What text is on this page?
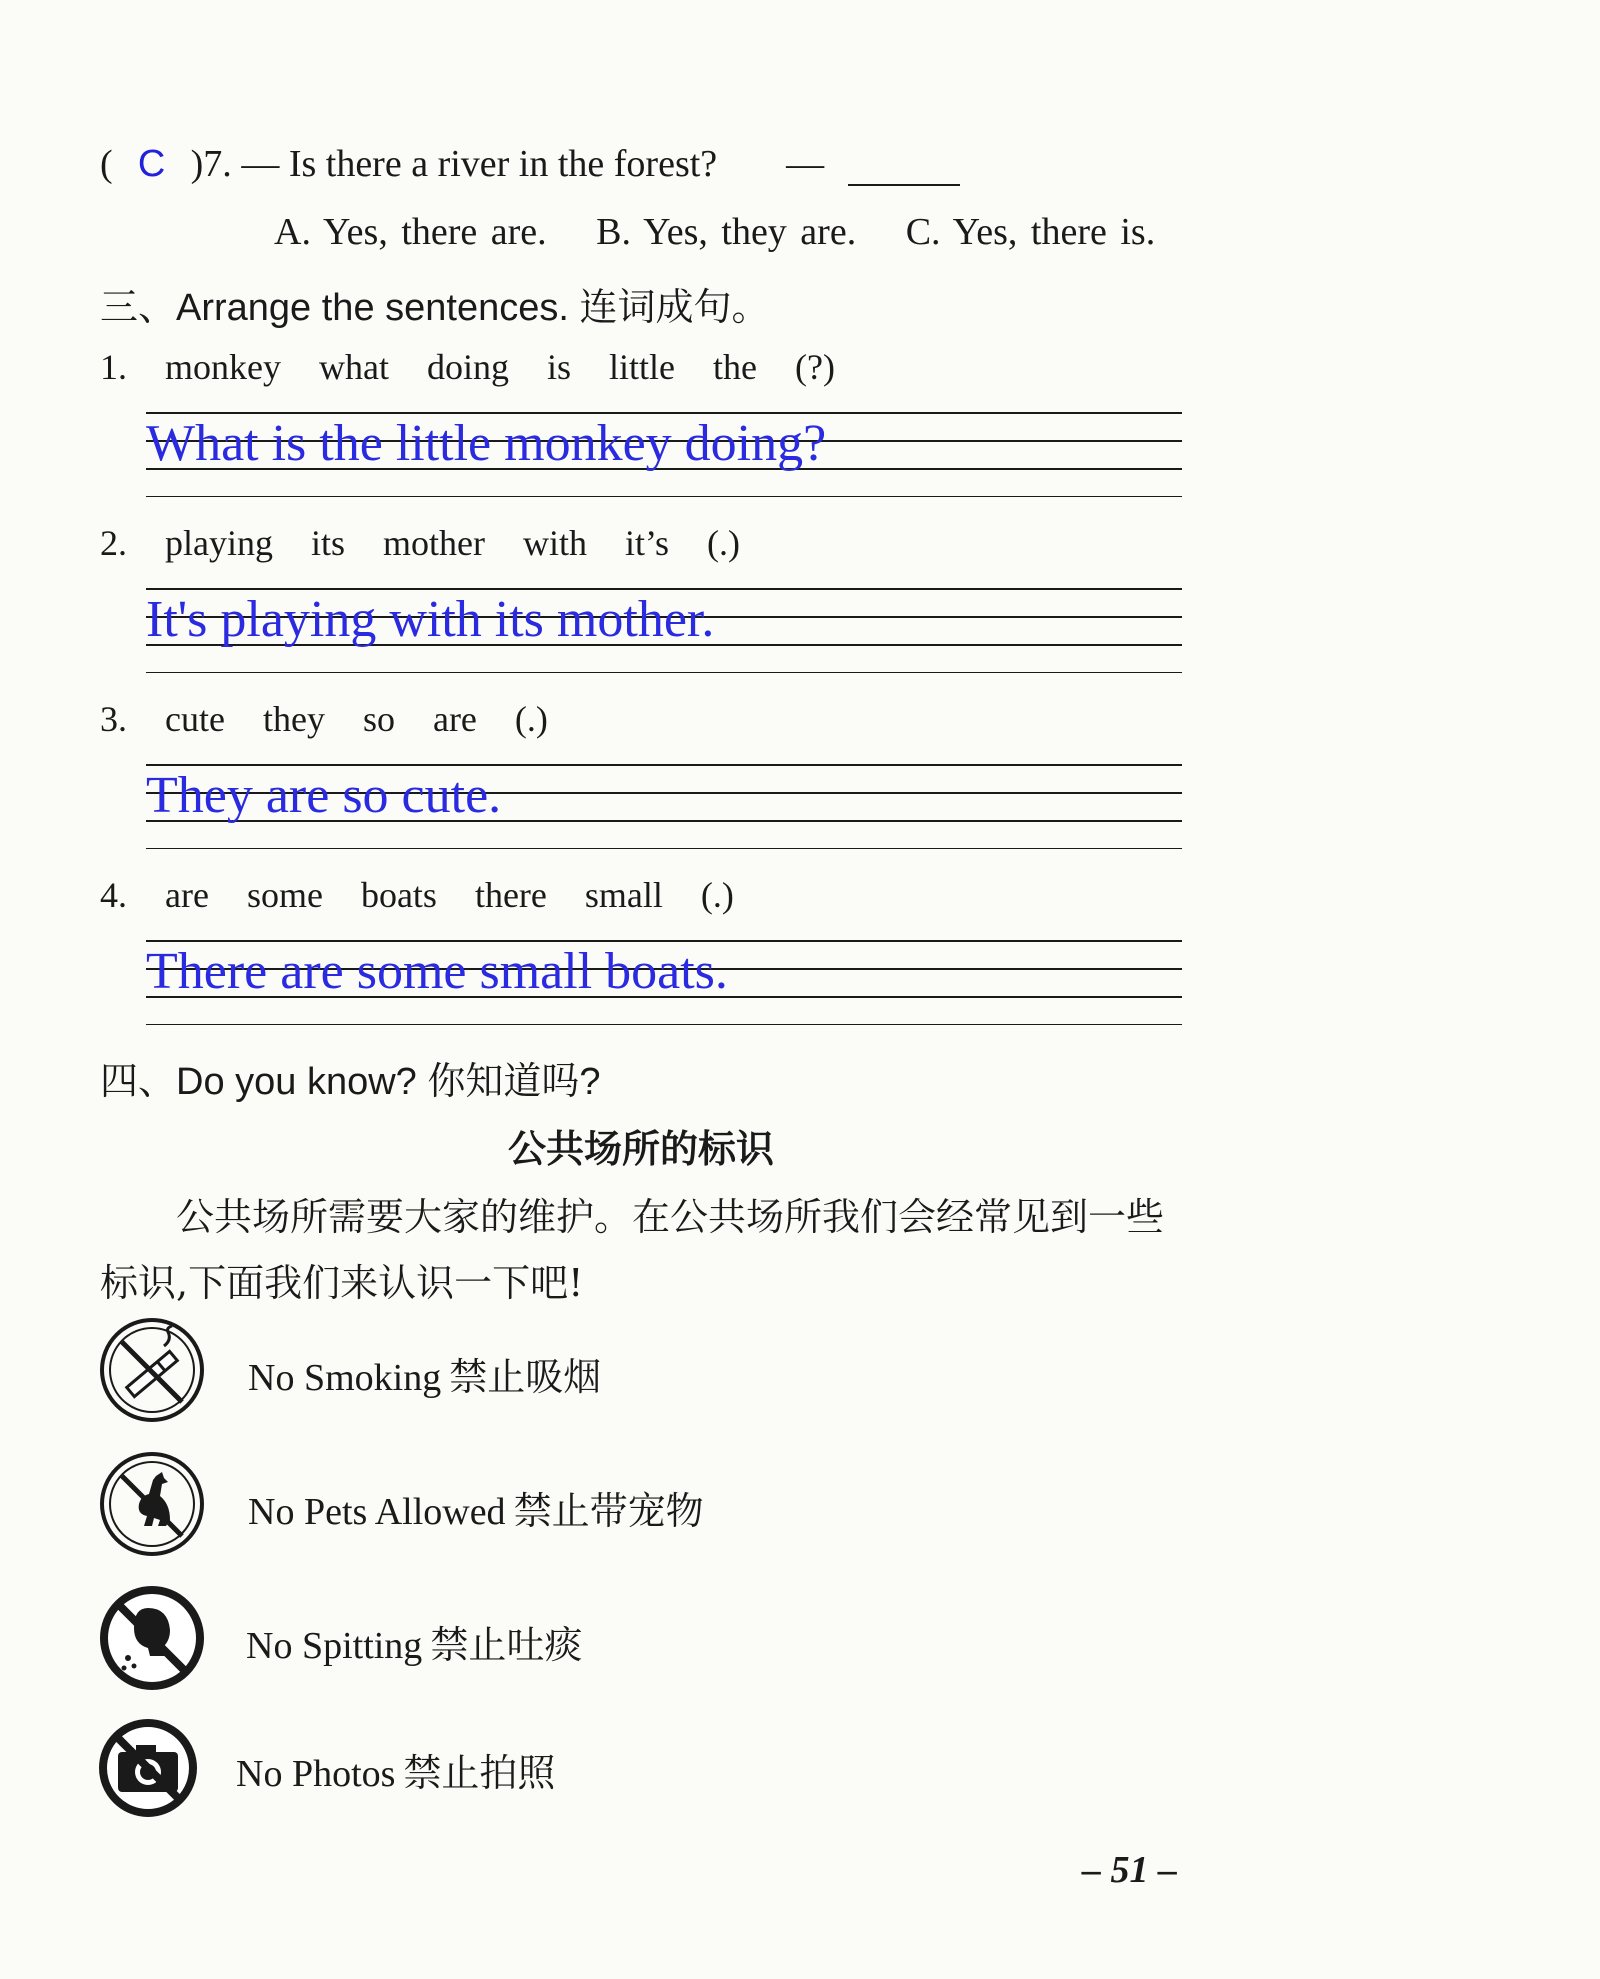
( C )7. — Is there a river in the forest? —
A. Yes, there are. B. Yes, they are. C. Yes, there is.
三、Arrange the sentences. 连词成句。
1. monkey what doing is little the (?)
What is the little monkey doing?
2. playing its mother with it’s (.)
It's playing with its mother.
3. cute they so are (.)
They are so cute.
4. are some boats there small (.)
There are some small boats.
四、Do you know? 你知道吗?
公共场所的标识
公共场所需要大家的维护。在公共场所我们会经常见到一些标识,下面我们来认识一下吧!
No Smoking 禁止吸烟
No Pets Allowed 禁止带宠物
No Spitting 禁止吐痰
No Photos 禁止拍照
– 51 –
